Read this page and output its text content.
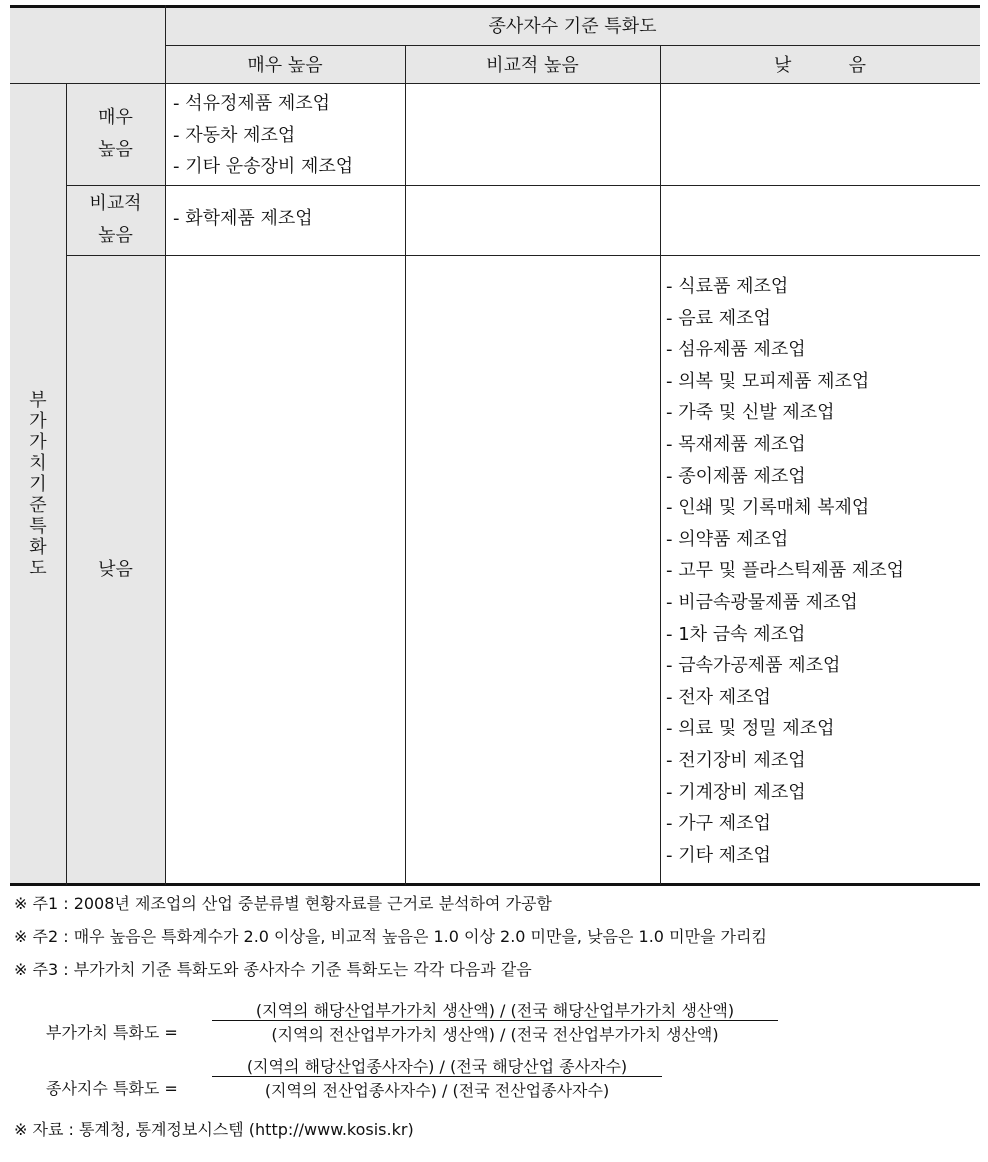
종사자수 기준 특화도
매우 높음	비교적 높음	낮          음
부
가
가
치
기
준
특
화
도
매우
높음
비교적
높음
낮음
- 석유정제품 제조업
- 자동차 제조업
- 기타 운송장비 제조업
- 화학제품 제조업
- 식료품 제조업
- 음료 제조업
- 섬유제품 제조업
- 의복 및 모피제품 제조업
- 가죽 및 신발 제조업
- 목재제품 제조업
- 종이제품 제조업
- 인쇄 및 기록매체 복제업
- 의약품 제조업
- 고무 및 플라스틱제품 제조업
- 비금속광물제품 제조업
- 1차 금속 제조업
- 금속가공제품 제조업
- 전자 제조업
- 의료 및 정밀 제조업
- 전기장비 제조업
- 기계장비 제조업
- 가구 제조업
- 기타 제조업
※ 주1 : 2008년 제조업의 산업 중분류별 현황자료를 근거로 분석하여 가공함
※ 주2 : 매우 높음은 특화계수가 2.0 이상을, 비교적 높음은 1.0 이상 2.0 미만을, 낮음은 1.0 미만을 가리킴
※ 주3 : 부가가치 기준 특화도와 종사자수 기준 특화도는 각각 다음과 같음
부가가치 특화도 =
(지역의 해당산업부가가치 생산액) / (전국 해당산업부가가치 생산액)
(지역의 전산업부가가치 생산액) / (전국 전산업부가가치 생산액)
종사지수 특화도 =
(지역의 해당산업종사자수) / (전국 해당산업 종사자수)
(지역의 전산업종사자수) / (전국 전산업종사자수)
※ 자료 : 통계청, 통계정보시스템 (http://www.kosis.kr)
